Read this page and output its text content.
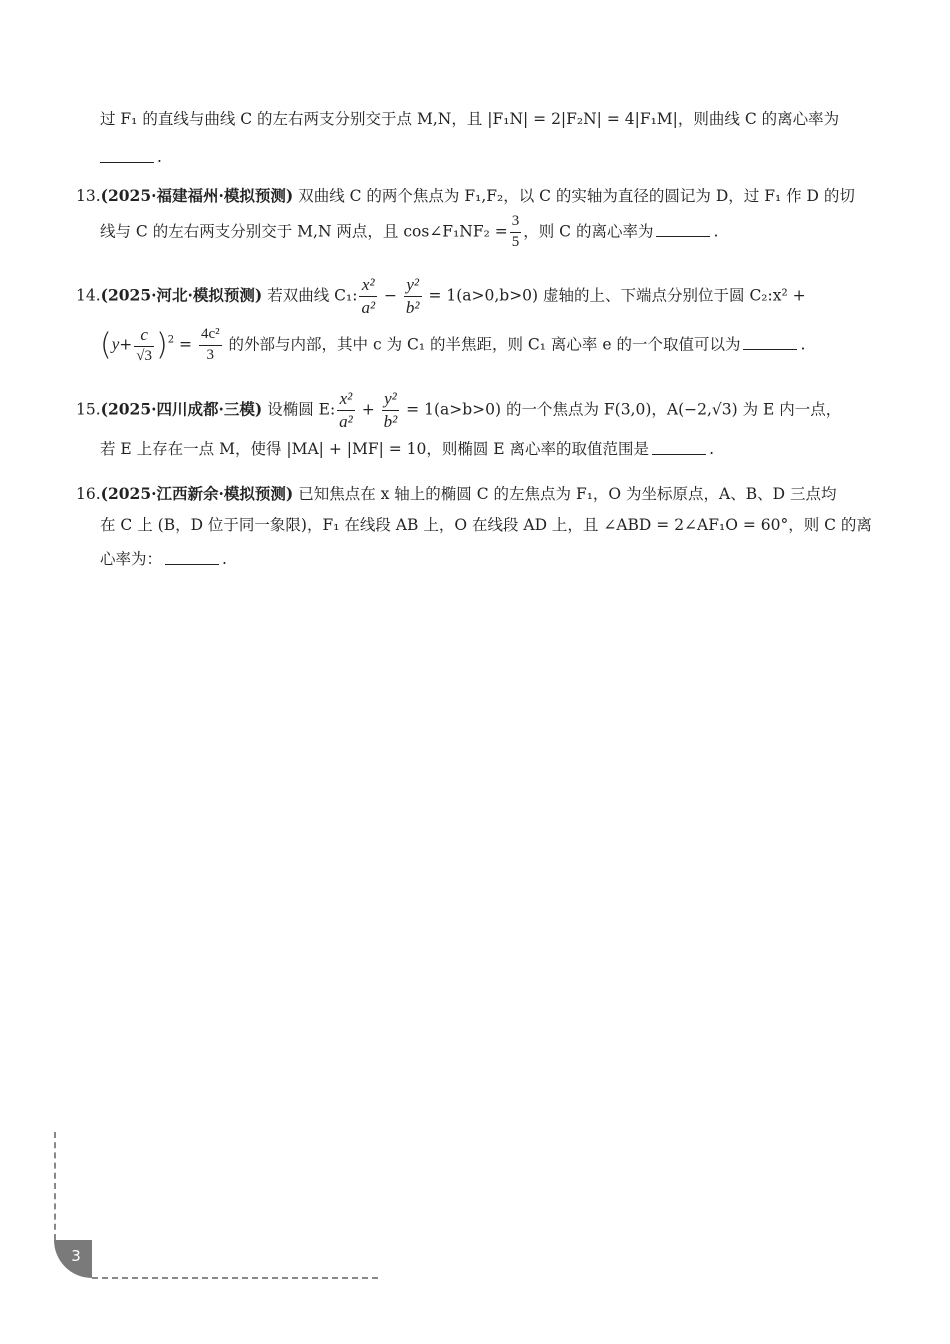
过 F₁ 的直线与曲线 C 的左右两支分别交于点 M,N，且 |F₁N| = 2|F₂N| = 4|F₁M|，则曲线 C 的离心率为
.
13.(2025·福建福州·模拟预测) 双曲线 C 的两个焦点为 F₁,F₂，以 C 的实轴为直径的圆记为 D，过 F₁ 作 D 的切
线与 C 的左右两支分别交于 M,N 两点，且 cos∠F₁NF₂ = $\frac{3}{5}$ ，则 C 的离心率为	.
14.(2025·河北·模拟预测) 若双曲线 C₁: $\frac{\text{x²}}{\text{a²}} - \frac{\text{y²}}{\text{b²}} = 1(a>0,b>0)$ 虚轴的上、下端点分别位于圆 C₂:x² +
$(y+ \frac{c}{√3} )^2 = \frac{\text{4c²}}{3}$ 的外部与内部，其中 c 为 C₁ 的半焦距，则 C₁ 离心率 e 的一个取值可以为	.
15.(2025·四川成都·三模) 设椭圆 E: $\frac{\text{x²}}{\text{a²}} + \frac{\text{y²}}{\text{b²}} = 1(a>b>0)$ 的一个焦点为 F(3,0)，A(−2,√3) 为 E 内一点，
若 E 上存在一点 M，使得 |MA| + |MF| = 10，则椭圆 E 离心率的取值范围是	.
16.(2025·江西新余·模拟预测) 已知焦点在 x 轴上的椭圆 C 的左焦点为 F₁，O 为坐标原点，A、B、D 三点均
在 C 上 (B，D 位于同一象限)，F₁ 在线段 AB 上，O 在线段 AD 上，且 ∠ABD = 2∠AF₁O = 60°，则 C 的离
心率为：	.
3
